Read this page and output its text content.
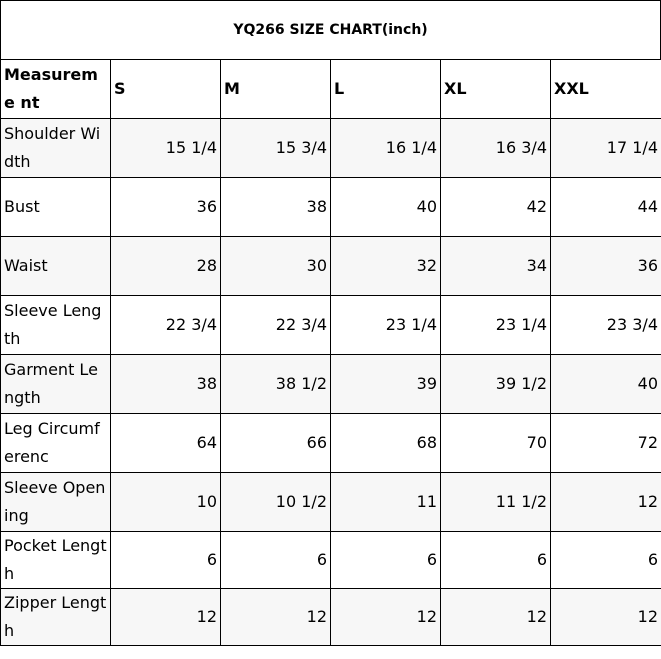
YQ266 SIZE CHART(inch)
Measureme nt	S	M	L	XL	XXL
Shoulder Width	15 1/4	15 3/4	16 1/4	16 3/4	17 1/4
Bust	36	38	40	42	44
Waist	28	30	32	34	36
Sleeve Length	22 3/4	22 3/4	23 1/4	23 1/4	23 3/4
Garment Length	38	38 1/2	39	39 1/2	40
Leg Circumferenc	64	66	68	70	72
Sleeve Opening	10	10 1/2	11	11 1/2	12
Pocket Length	6	6	6	6	6
Zipper Length	12	12	12	12	12
